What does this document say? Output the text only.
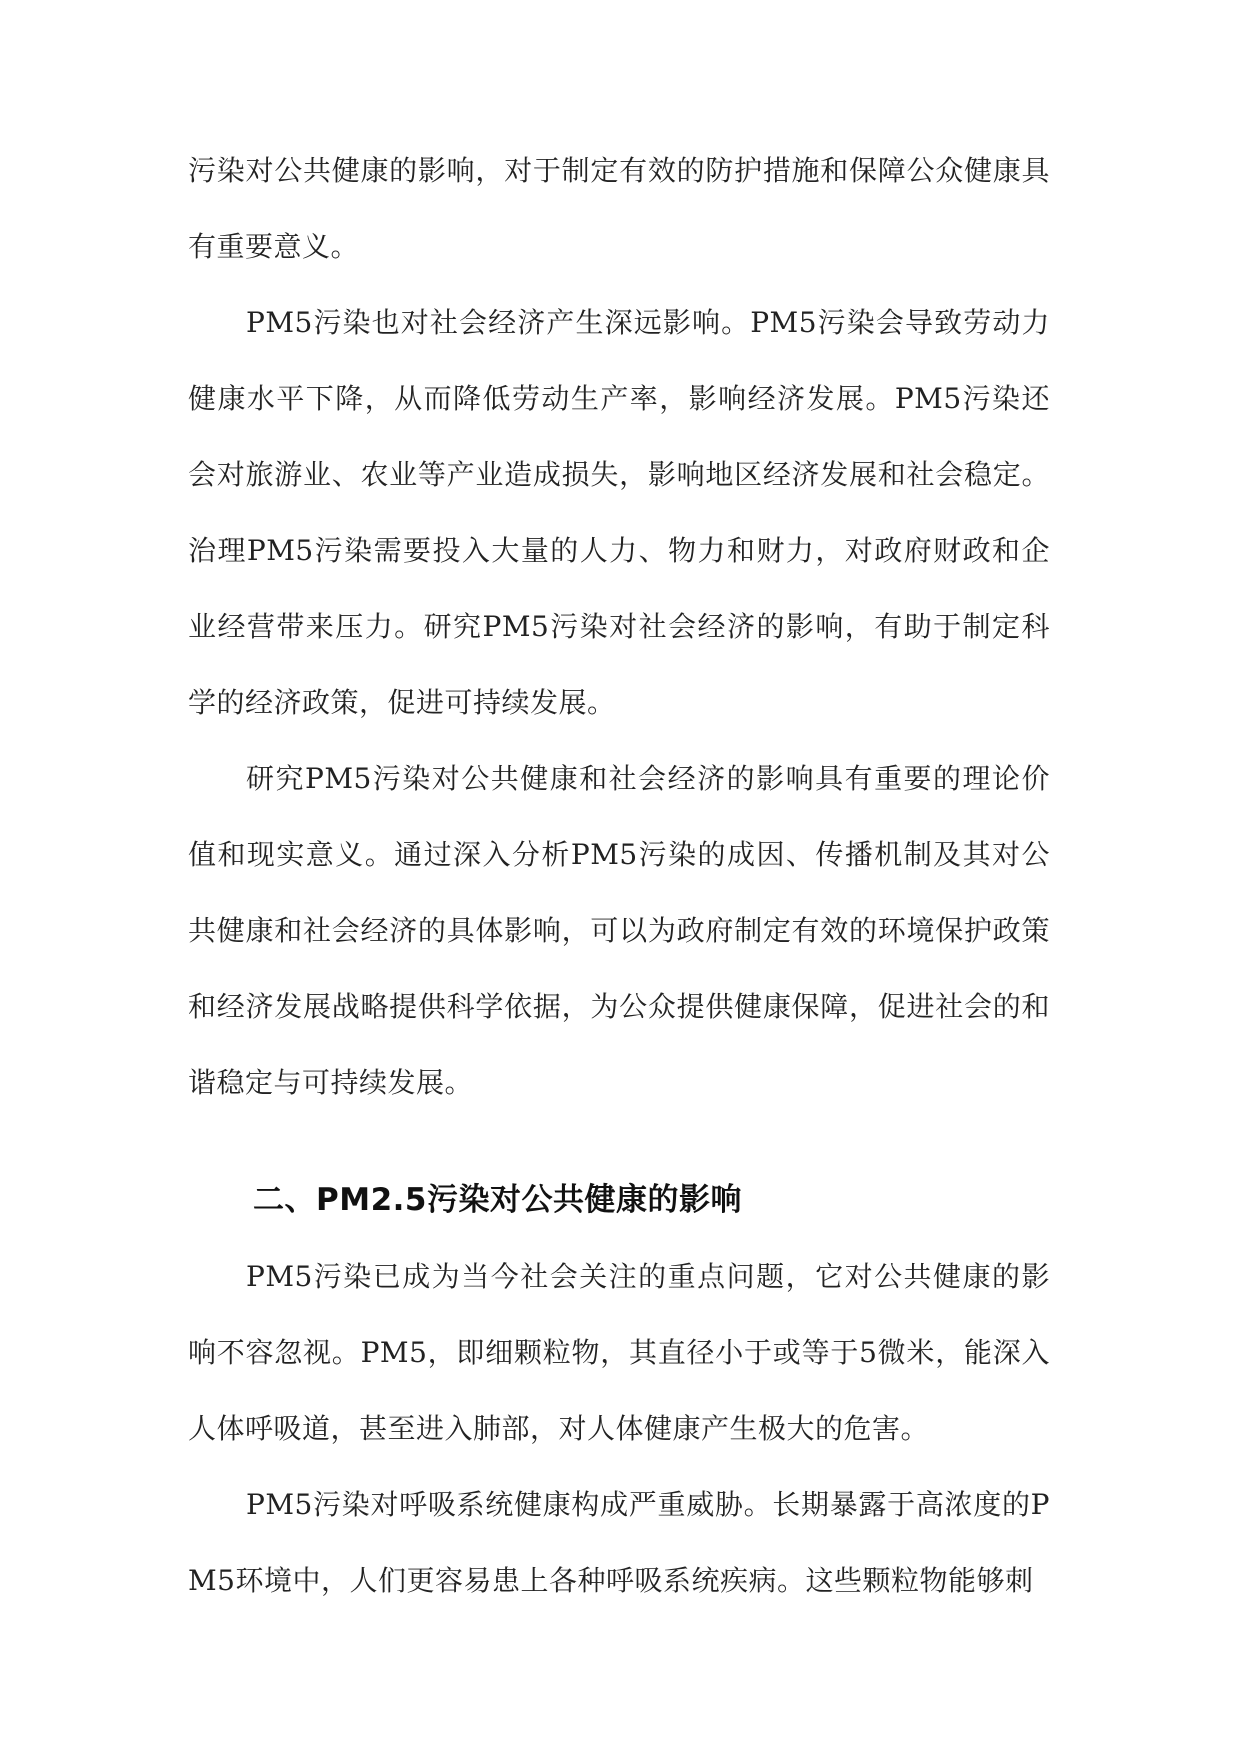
污染对公共健康的影响，对于制定有效的防护措施和保障公众健康具有重要意义。

PM5污染也对社会经济产生深远影响。PM5污染会导致劳动力健康水平下降，从而降低劳动生产率，影响经济发展。PM5污染还会对旅游业、农业等产业造成损失，影响地区经济发展和社会稳定。治理PM5污染需要投入大量的人力、物力和财力，对政府财政和企业经营带来压力。研究PM5污染对社会经济的影响，有助于制定科学的经济政策，促进可持续发展。

研究PM5污染对公共健康和社会经济的影响具有重要的理论价值和现实意义。通过深入分析PM5污染的成因、传播机制及其对公共健康和社会经济的具体影响，可以为政府制定有效的环境保护政策和经济发展战略提供科学依据，为公众提供健康保障，促进社会的和谐稳定与可持续发展。

二、PM2.5污染对公共健康的影响

PM5污染已成为当今社会关注的重点问题，它对公共健康的影响不容忽视。PM5，即细颗粒物，其直径小于或等于5微米，能深入人体呼吸道，甚至进入肺部，对人体健康产生极大的危害。

PM5污染对呼吸系统健康构成严重威胁。长期暴露于高浓度的PM5环境中，人们更容易患上各种呼吸系统疾病。这些颗粒物能够刺
